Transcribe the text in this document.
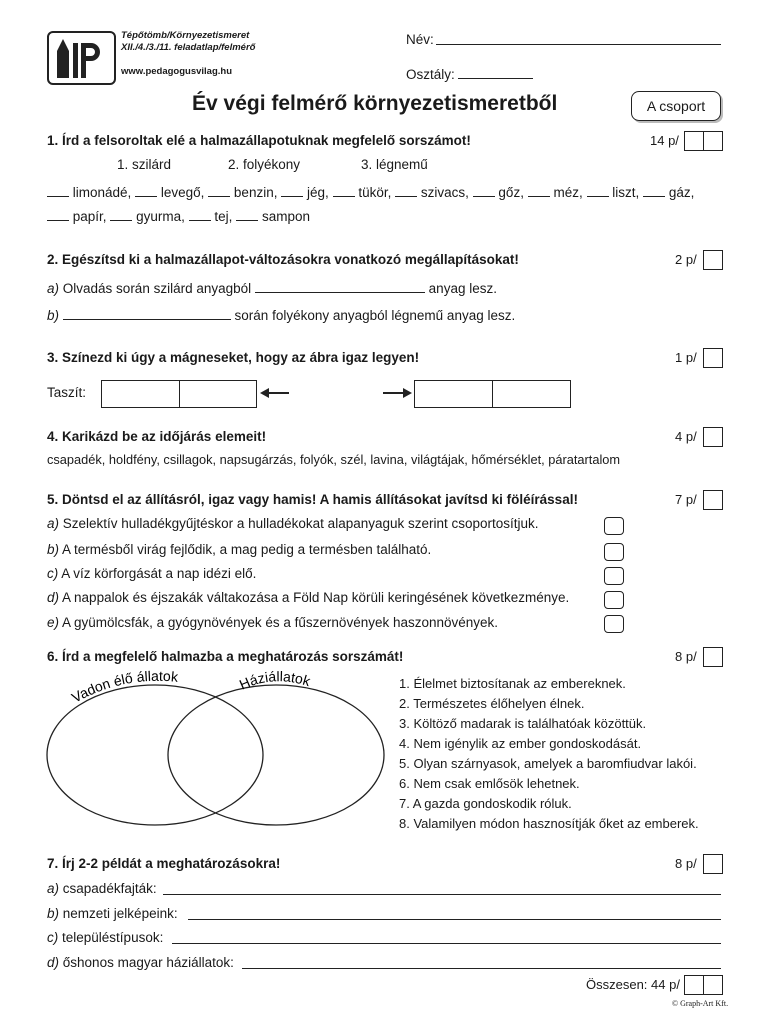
Tépőtömb/Környezetismeret
XII./4./3./11. feladatlap/felmérő
www.pedagogusvilag.hu
Név:
Osztály:
Év végi felmérő környezetismeretből	A csoport
1. Írd a felsoroltak elé a halmazállapotuknak megfelelő sorszámot!	14 p/
1. szilárd	2. folyékony	3. légnemű
limonádé, levegő, benzin, jég, tükör, szivacs, gőz, méz, liszt, gáz,
papír, gyurma, tej, sampon
2. Egészítsd ki a halmazállapot-változásokra vonatkozó megállapításokat!	2 p/
a) Olvadás során szilárd anyagból	anyag lesz.
b)	során folyékony anyagból légnemű anyag lesz.
3. Színezd ki úgy a mágneseket, hogy az ábra igaz legyen!	1 p/
Taszít:
4. Karikázd be az időjárás elemeit!	4 p/
csapadék, holdfény, csillagok, napsugárzás, folyók, szél, lavina, világtájak, hőmérséklet, páratartalom
5. Döntsd el az állításról, igaz vagy hamis! A hamis állításokat javítsd ki föléírással!	7 p/
a) Szelektív hulladékgyűjtéskor a hulladékokat alapanyaguk szerint csoportosítjuk.
b) A termésből virág fejlődik, a mag pedig a termésben található.
c) A víz körforgását a nap idézi elő.
d) A nappalok és éjszakák váltakozása a Föld Nap körüli keringésének következménye.
e) A gyümölcsfák, a gyógynövények és a fűszernövények haszonnövények.
6. Írd a megfelelő halmazba a meghatározás sorszámát!	8 p/
Vadon élő állatok	Háziállatok	1. Élelmet biztosítanak az embereknek.
2. Természetes élőhelyen élnek.
3. Költöző madarak is találhatóak közöttük.
4. Nem igénylik az ember gondoskodását.
5. Olyan szárnyasok, amelyek a baromfiudvar lakói.
6. Nem csak emlősök lehetnek.
7. A gazda gondoskodik róluk.
8. Valamilyen módon hasznosítják őket az emberek.
7. Írj 2-2 példát a meghatározásokra!	8 p/
a) csapadékfajták:
b) nemzeti jelképeink:
c) településtípusok:
d) őshonos magyar háziállatok:
Összesen: 44 p/
© Graph-Art Kft.
